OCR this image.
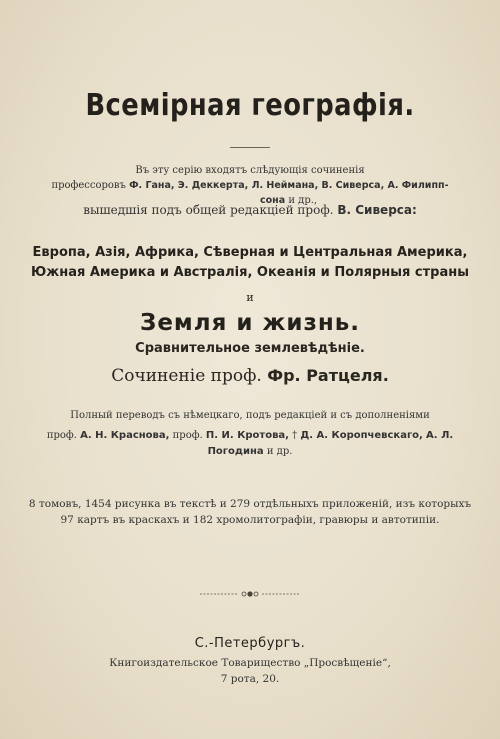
Всемiрная географiя.
Въ эту серiю входятъ слѣдующiя сочиненiя
профессоровъ Ф. Гана, Э. Деккерта, Л. Неймана, В. Сиверса, А. Филипп-
сона и др.,
вышедшiя подъ общей редакцiей проф. В. Сиверса:
Европа, Азiя, Африка, Сѣверная и Центральная Америка,
Южная Америка и Австралiя, Океанiя и Полярныя страны
и
Земля и жизнь.
Сравнительное землевѣдѣнiе.
Сочиненiе проф. Фр. Ратцеля.
Полный переводъ съ нѣмецкаго, подъ редакцiей и съ дополненiями
проф. А. Н. Краснова, проф. П. И. Кротова, † Д. А. Коропчевскаго, А. Л.
Погодина и др.
8 томовъ, 1454 рисунка въ текстѣ и 279 отдѣльныхъ приложенiй, изъ которыхъ
97 картъ въ краскахъ и 182 хромолитографiи, гравюры и автотипiи.
С.-Петербургъ.
Книгоиздательское Товарищество „Просвѣщенiе“,
7 рота, 20.
